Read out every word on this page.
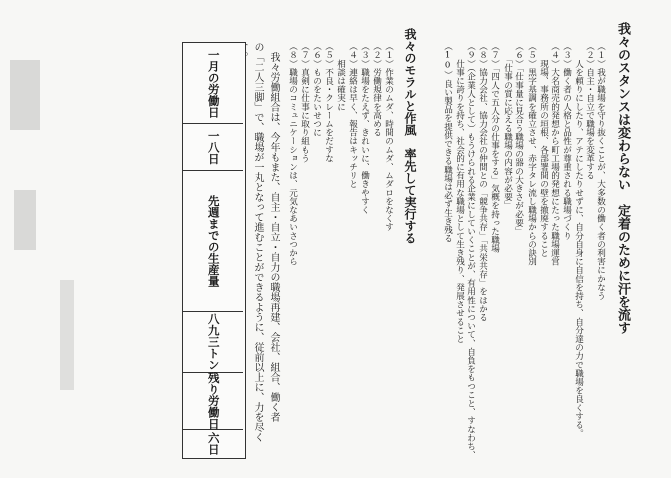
我々のスタンスは変わらない　定着のために汗を流す
（１）我が職場を守り抜くことが、大多数の働く者の利害にかなう
（２）自主・自立で職場を変革する
　　人を頼りにしたり、アテにしたりせずに、自分自身に自信を持ち、自分達の力で職場を良くする。
（３）働く者の人格と品性が尊重される職場づくり
（４）大名商売的発想から町工場的発想にたった職場運営
　　現場、事務所の垣根、各部署間の壁を撤廃すること
（５）黒字基調を確立させ、赤字タレ流し職場からの訣別
（６）「仕事量に見合う職場の器の大きさが必要」
　　「仕事の質に応える職場の内容が必要」
（７）「四人で五人分の仕事をする」気概を持った職場
（８）協力会社、協力会社の仲間との「競争共存」「共栄共存」をはかる
（９）（企業人として）もうけられる企業にしていくことが、有用性について、自負をもつこと、すなわち、
　　仕事に誇りを持ち、社会的に有用な職場として生き残り、発展させること
（10）良い製品を提供できる職場は必ず生き残る
我々のモラルと作風　率先して実行する
（１）作業のムダ、時間のムダ、ムダロをなくす
（２）労働規律を高める
（３）職場をたえず、きれいに、働きやすく
（４）連絡は早く、報告はキッチリと
　　相談は確実に
（５）不良・クレームをだすな
（６）ものをたいせつに
（７）真剣に仕事に取り組もう
（８）職場のコミュニケーションは、元気なあいさつから
　我々労働組合は、今年もまた、自主・自立・自力の職場再建、会社、組合、働く者
の「二人三脚」で、職場が一丸となって進むことができるように、従前以上に、力を尽く
一月の労働日
一八日
先週までの生産量
八九三トン
残り労働日
六日
